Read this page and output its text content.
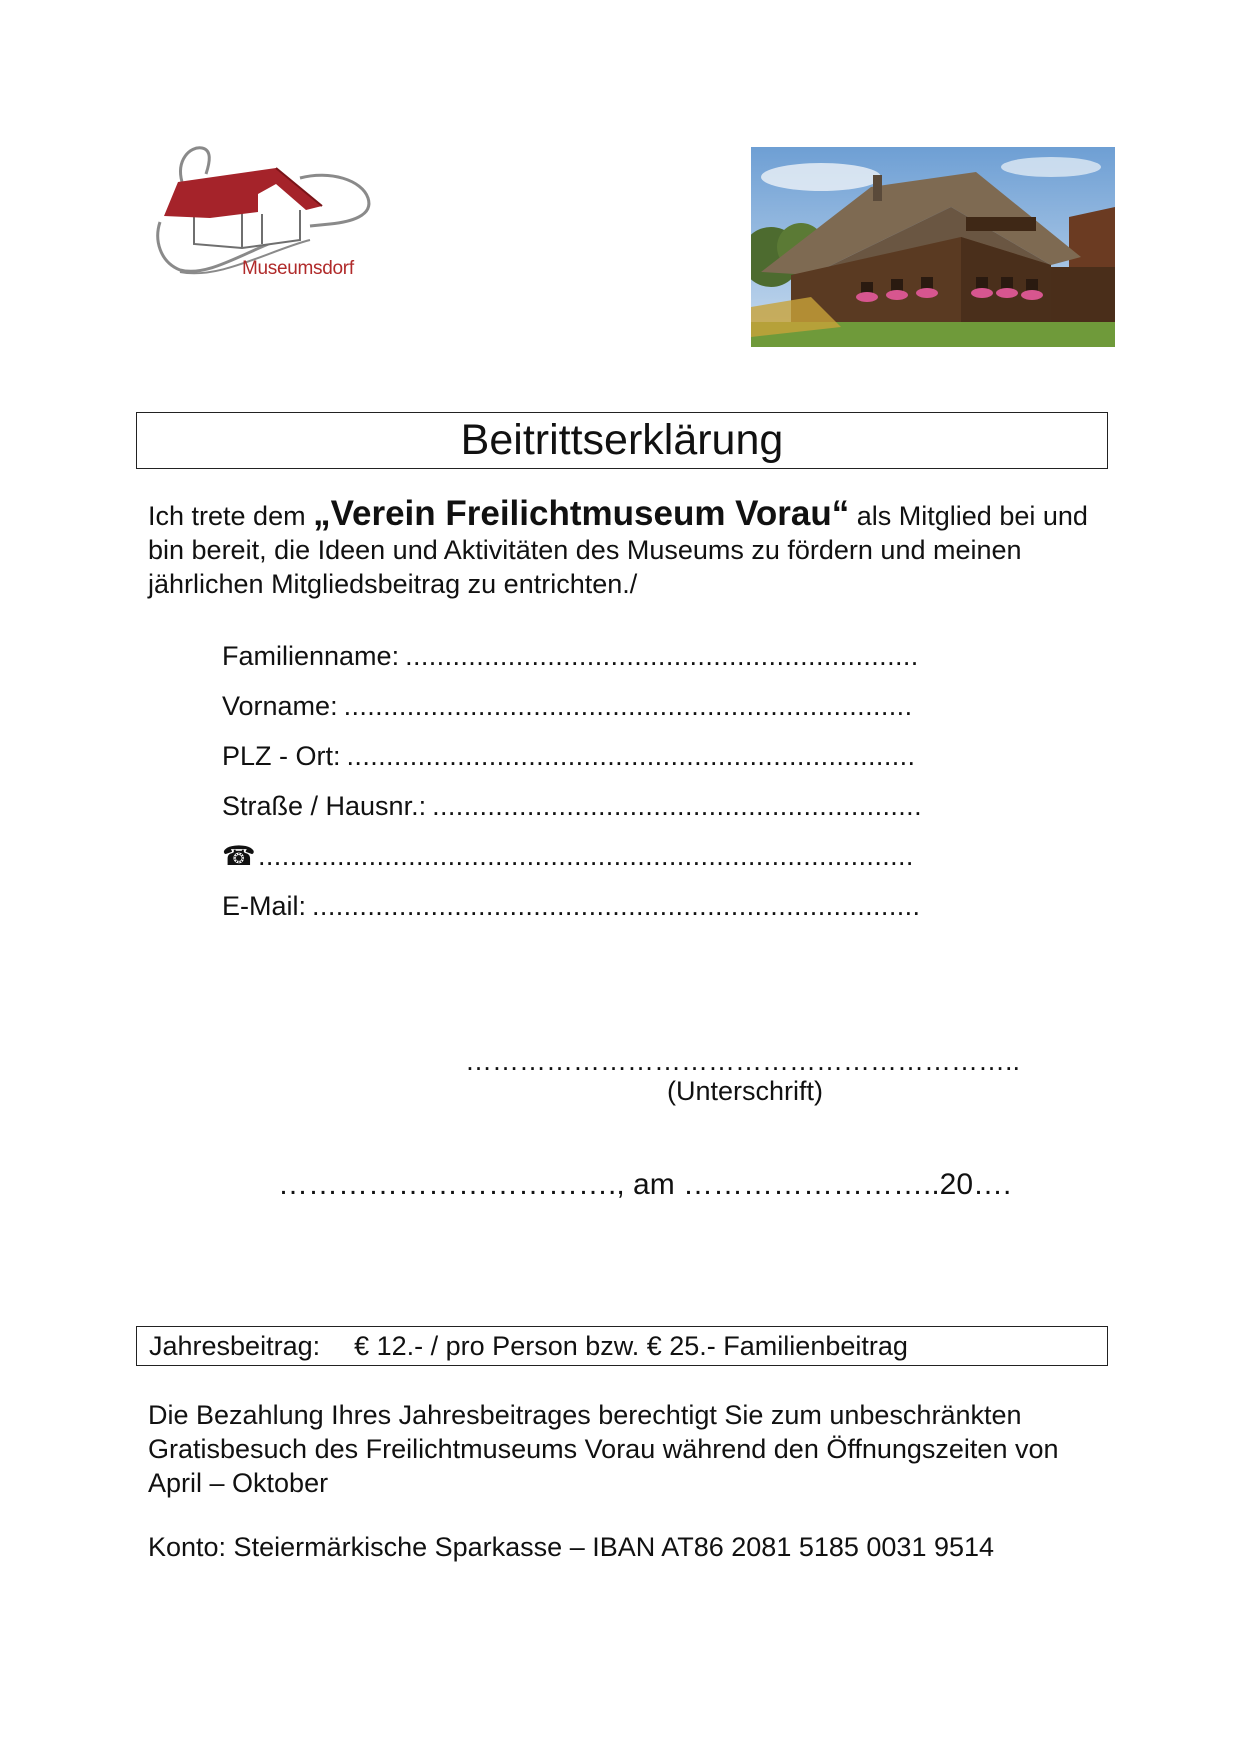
Museumsdorf
Beitrittserklärung
Ich trete dem „Verein Freilichtmuseum Vorau“ als Mitglied bei und bin bereit, die Ideen und Aktivitäten des Museums zu fördern und meinen jährlichen Mitgliedsbeitrag zu entrichten./
Familienname: .................................................................
Vorname: ........................................................................
PLZ - Ort: ........................................................................
Straße / Hausnr.: ..............................................................
☎...................................................................................
E-Mail: .............................................................................
……………………………………………………..
(Unterschrift)
……………………………., am ……………………..20….
Jahresbeitrag: € 12.- / pro Person bzw. € 25.- Familienbeitrag
Die Bezahlung Ihres Jahresbeitrages berechtigt Sie zum unbeschränkten Gratisbesuch des Freilichtmuseums Vorau während den Öffnungszeiten von April – Oktober
Konto: Steiermärkische Sparkasse – IBAN AT86 2081 5185 0031 9514
